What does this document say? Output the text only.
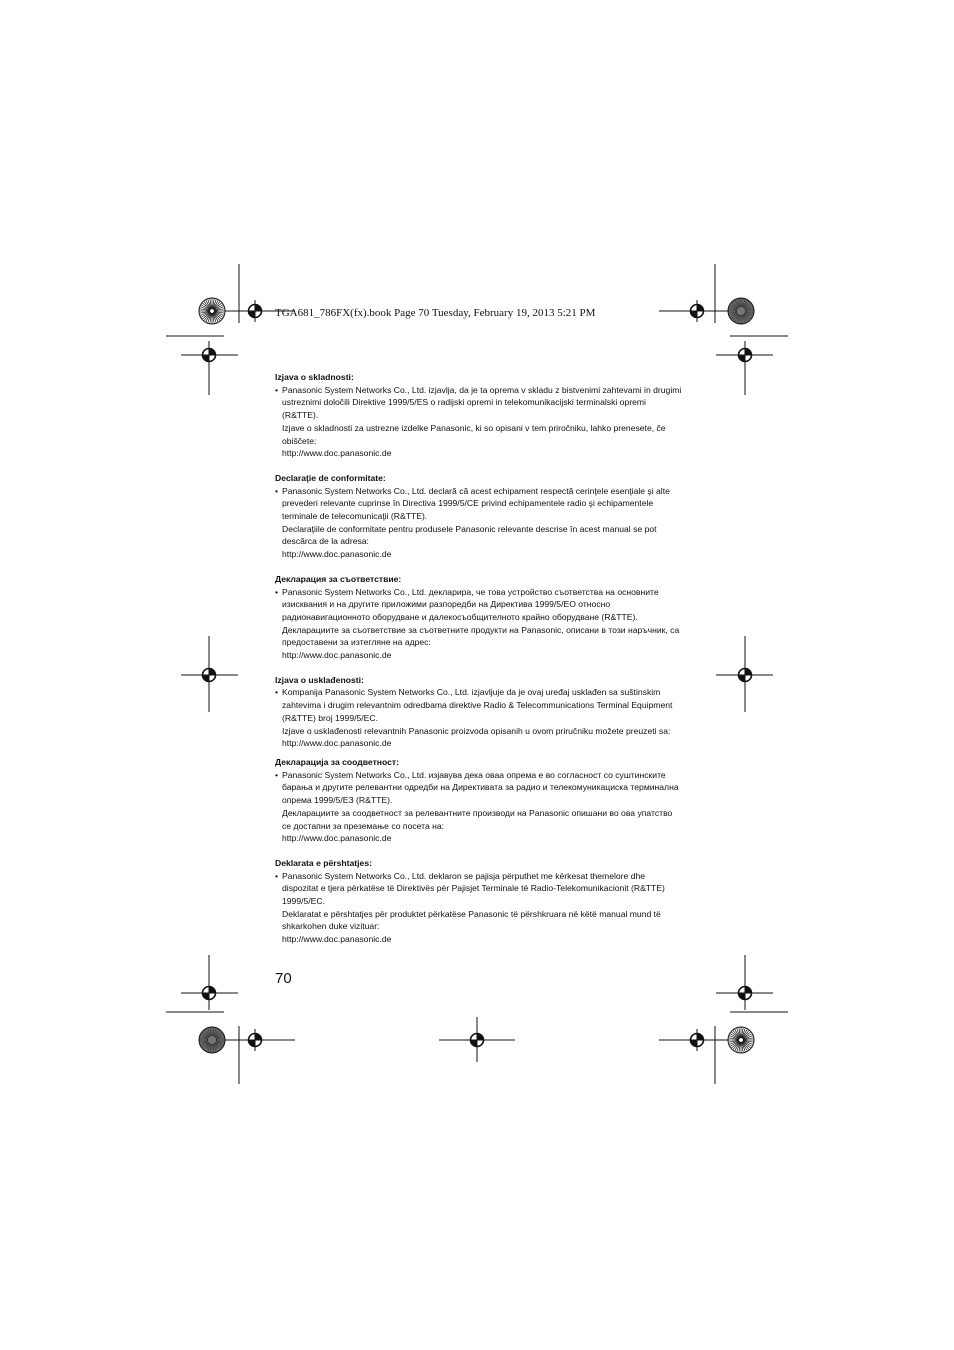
TGA681_786FX(fx).book Page 70 Tuesday, February 19, 2013 5:21 PM
Izjava o skladnosti:
• Panasonic System Networks Co., Ltd. izjavlja, da je ta oprema v skladu z bistvenimi zahtevami in drugimi ustreznimi določili Direktive 1999/5/ES o radijski opremi in telekomunikacijski terminalski opremi (R&TTE).

Izjave o skladnosti za ustrezne izdelke Panasonic, ki so opisani v tem priročniku, lahko prenesete, če obiščete:

http://www.doc.panasonic.de

Declaraţie de conformitate:
• Panasonic System Networks Co., Ltd. declară că acest echipament respectă cerinţele esenţiale şi alte prevederi relevante cuprinse în Directiva 1999/5/CE privind echipamentele radio şi echipamentele terminale de telecomunicaţii (R&TTE).

Declaraţiile de conformitate pentru produsele Panasonic relevante descrise în acest manual se pot descărca de la adresa:

http://www.doc.panasonic.de

Декларация за съответствие:
• Panasonic System Networks Co., Ltd. декларира, че това устройство съответства на основните изисквания и на другите приложими разпоредби на Директива 1999/5/ЕО относно радионавигационното оборудване и далекосъобщителното крайно оборудване (R&TTE).

Декларациите за съответствие за съответните продукти на Panasonic, описани в този наръчник, са предоставени за изтегляне на адрес:

http://www.doc.panasonic.de

Izjava o usklađenosti:
• Kompanija Panasonic System Networks Co., Ltd. izjavljuje da je ovaj uređaj usklađen sa suštinskim zahtevima i drugim relevantnim odredbama direktive Radio & Telecommunications Terminal Equipment (R&TTE) broj 1999/5/EC.

Izjave o usklađenosti relevantnih Panasonic proizvoda opisanih u ovom priručniku možete preuzeti sa:

http://www.doc.panasonic.de

Декларација за соодветност:
• Panasonic System Networks Co., Ltd. изјавува дека оваа опрема е во согласност со суштинските барања и другите релевантни одредби на Директивата за радио и телекомуникациска терминална опрема 1999/5/EЗ (R&TTE).

Декларациите за соодветност за релевантните производи на Panasonic опишани во ова упатство се достапни за преземање со посета на:

http://www.doc.panasonic.de

Deklarata e përshtatjes:
• Panasonic System Networks Co., Ltd. deklaron se pajisja përputhet me kërkesat themelore dhe dispozitat e tjera përkatëse të Direktivës për Pajisjet Terminale të Radio-Telekomunikacionit (R&TTE) 1999/5/EC.

Deklaratat e përshtatjes për produktet përkatëse Panasonic të përshkruara në këtë manual mund të shkarkohen duke vizituar:

http://www.doc.panasonic.de

70
